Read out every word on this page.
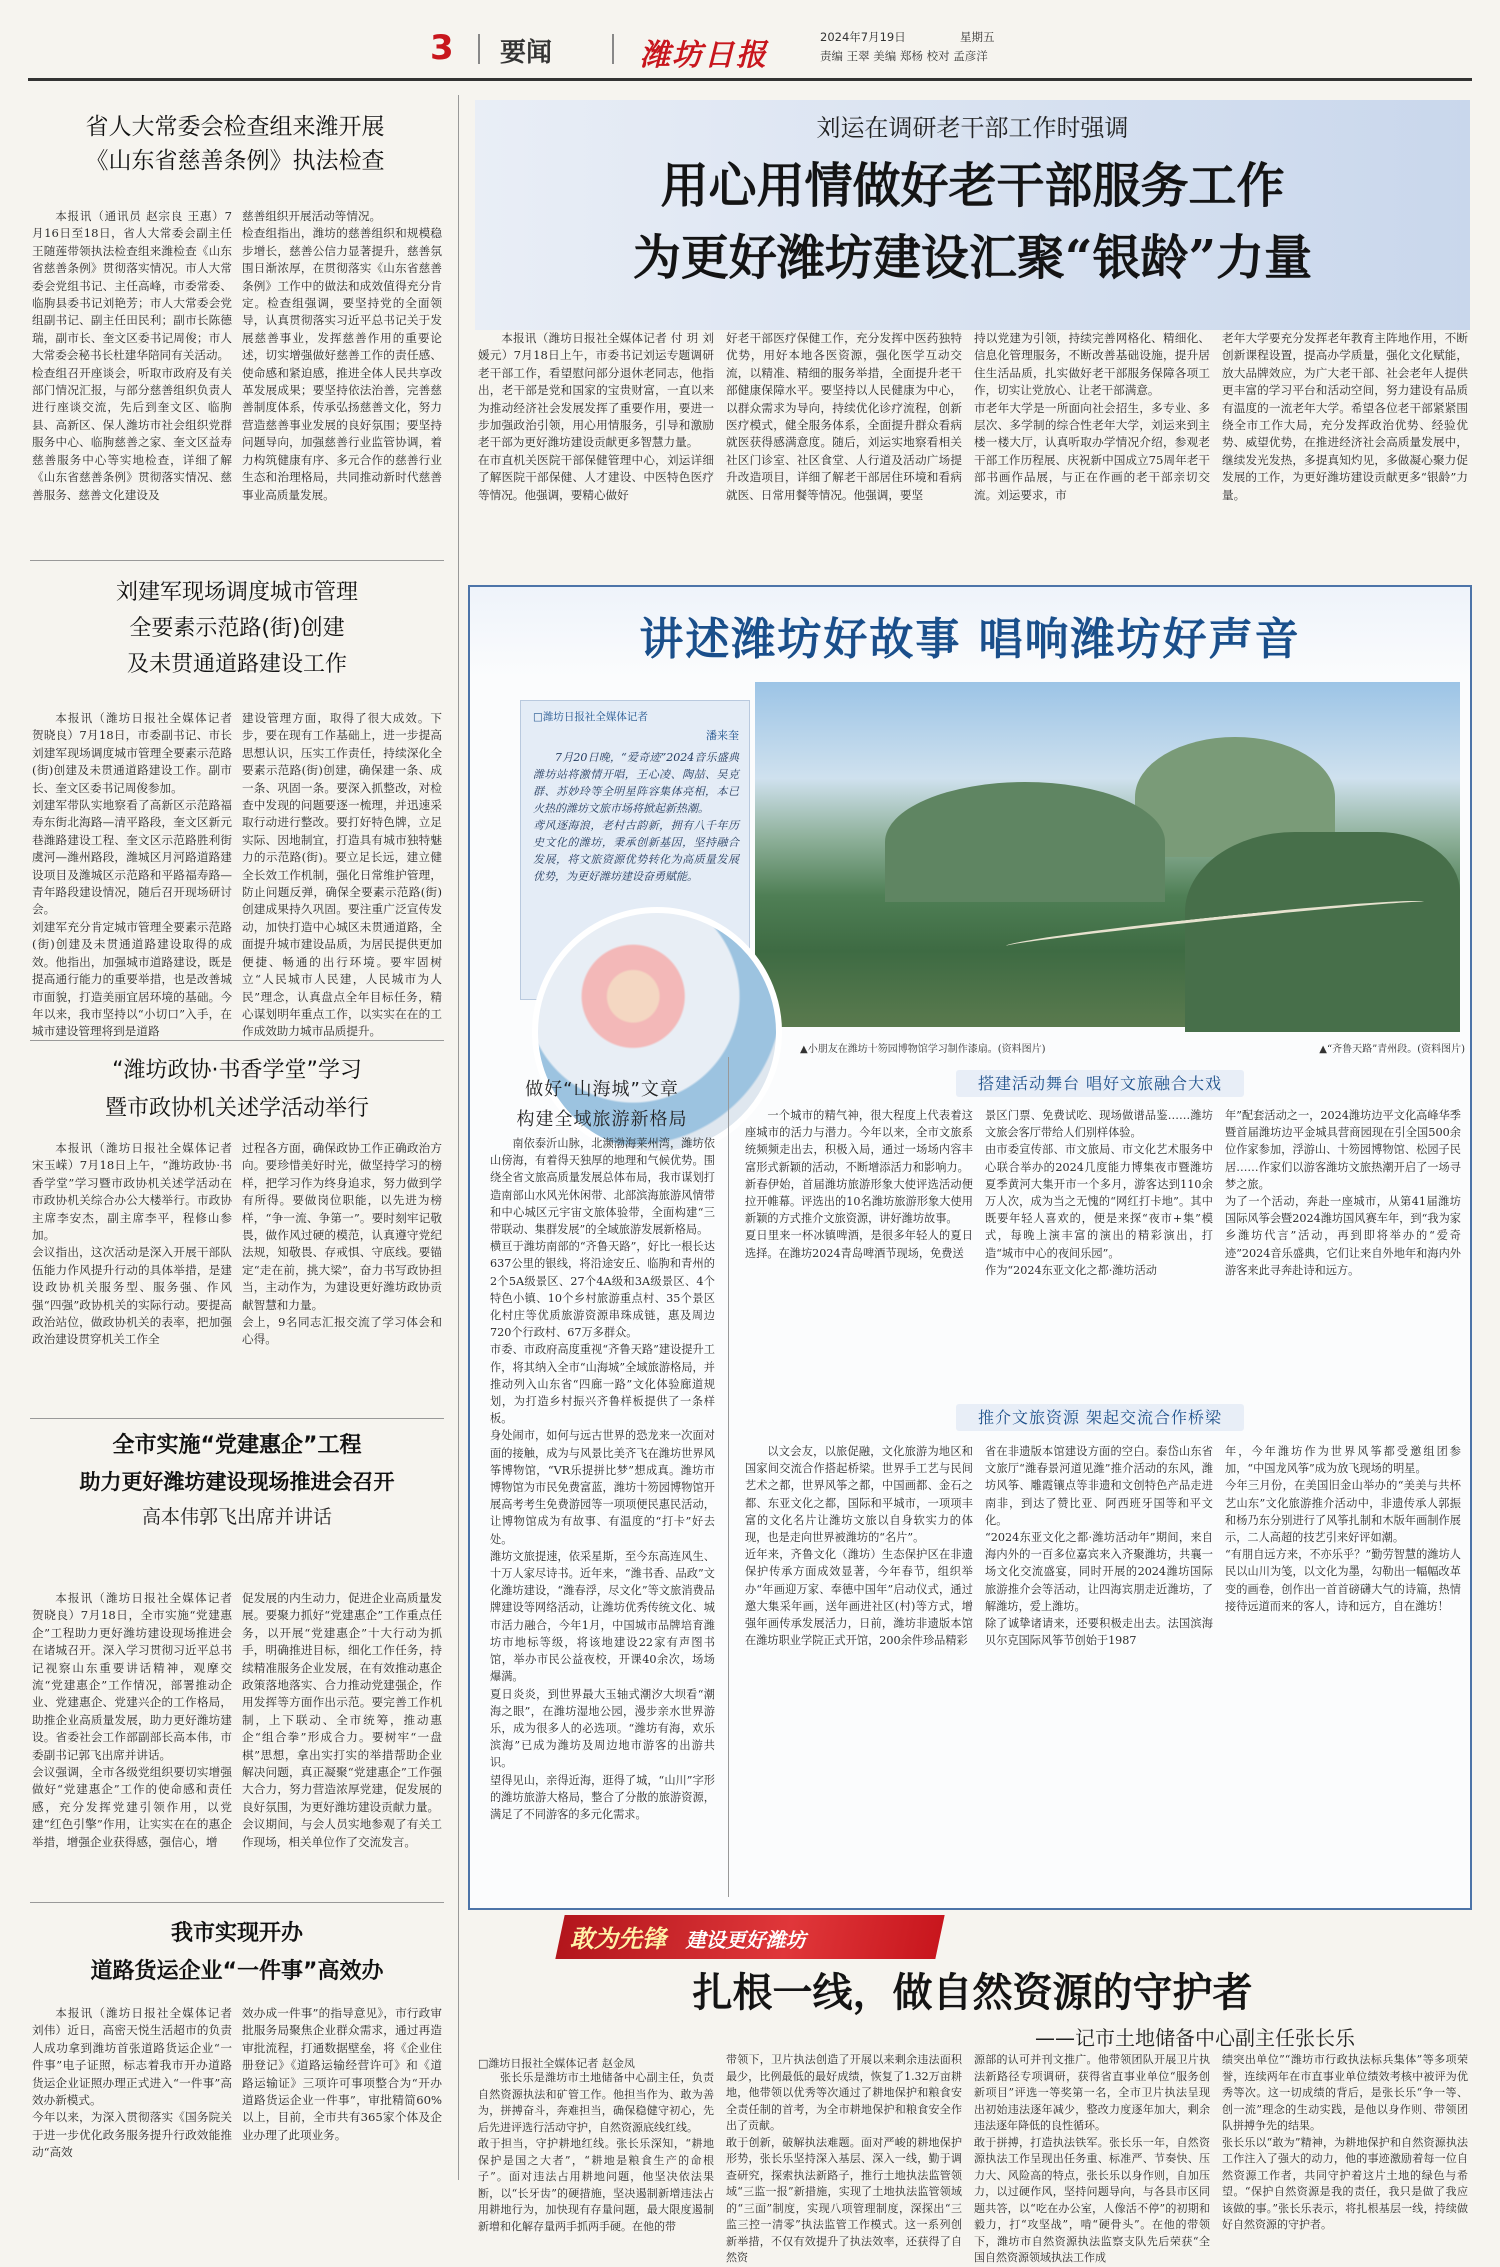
3 要闻	潍坊日报
2024年7月19日	星期五
责编 王翠 美编 郑杨 校对 孟彦洋

省人大常委会检查组来潍开展

《山东省慈善条例》执法检查

本报讯（通讯员 赵宗良 王惠）7月16日至18日，省人大常委会副主任王随莲带领执法检查组来潍检查《山东省慈善条例》贯彻落实情况。市人大常委会党组书记、主任高峰，市委常委、临朐县委书记刘艳芳；市人大常委会党组副书记、副主任田民利；副市长陈德瑞，副市长、奎文区委书记周俊；市人大常委会秘书长杜建华陪同有关活动。
检查组召开座谈会，听取市政府及有关部门情况汇报，与部分慈善组织负责人进行座谈交流，先后到奎文区、临朐县、高新区、保人潍坊市社会组织党群服务中心、临朐慈善之家、奎文区益寿慈善服务中心等实地检查，详细了解《山东省慈善条例》贯彻落实情况、慈善服务、慈善文化建设及

慈善组织开展活动等情况。
检查组指出，潍坊的慈善组织和规模稳步增长，慈善公信力显著提升，慈善氛围日渐浓厚，在贯彻落实《山东省慈善条例》工作中的做法和成效值得充分肯定。检查组强调，要坚持党的全面领导，认真贯彻落实习近平总书记关于发展慈善事业，发挥慈善作用的重要论述，切实增强做好慈善工作的责任感、使命感和紧迫感，推进全体人民共享改革发展成果；要坚持依法治善，完善慈善制度体系，传承弘扬慈善文化，努力营造慈善事业发展的良好氛围；要坚持问题导向，加强慈善行业监管协调，着力构筑健康有序、多元合作的慈善行业生态和治理格局，共同推动新时代慈善事业高质量发展。

刘建军现场调度城市管理

全要素示范路(街)创建

及未贯通道路建设工作

本报讯（潍坊日报社全媒体记者 贺晓良）7月18日，市委副书记、市长刘建军现场调度城市管理全要素示范路(街)创建及未贯通道路建设工作。副市长、奎文区委书记周俊参加。
刘建军带队实地察看了高新区示范路福寿东街北海路—清平路段，奎文区新元巷潍路建设工程、奎文区示范路胜利街虞河—潍州路段，潍城区月河路道路建设项目及潍城区示范路和平路福寿路—青年路段建设情况，随后召开现场研讨会。
刘建军充分肯定城市管理全要素示范路(街)创建及未贯通道路建设取得的成效。他指出，加强城市道路建设，既是提高通行能力的重要举措，也是改善城市面貌，打造美丽宜居环境的基础。今年以来，我市坚持以“小切口”入手，在城市建设管理将到是道路

建设管理方面，取得了很大成效。下步，要在现有工作基础上，进一步提高思想认识，压实工作责任，持续深化全要素示范路(街)创建，确保建一条、成一条、巩固一条。要深入抓整改，对检查中发现的问题要逐一梳理，并迅速采取行动进行整改。要打好特色牌，立足实际、因地制宜，打造具有城市独特魅力的示范路(街)。要立足长远，建立健全长效工作机制，强化日常维护管理，防止问题反弹，确保全要素示范路(街)创建成果持久巩固。要注重广泛宣传发动，加快打造中心城区未贯通道路，全面提升城市建设品质，为居民提供更加便捷、畅通的出行环境。要牢固树立“人民城市人民建，人民城市为人民”理念，认真盘点全年目标任务，精心谋划明年重点工作，以实实在在的工作成效助力城市品质提升。

“潍坊政协·书香学堂”学习

暨市政协机关述学活动举行

本报讯（潍坊日报社全媒体记者 宋玉嵘）7月18日上午，“潍坊政协·书香学堂”学习暨市政协机关述学活动在市政协机关综合办公大楼举行。市政协主席李安杰，副主席李平，程修山参加。
会议指出，这次活动是深入开展干部队伍能力作风提升行动的具体举措，是建设政协机关服务型、服务强、作风强“四强”政协机关的实际行动。要提高政治站位，做政协机关的表率，把加强政治建设贯穿机关工作全

过程各方面，确保政协工作正确政治方向。要珍惜美好时光，做坚持学习的榜样，把学习作为终身追求，努力做到学有所得。要做岗位职能，以先进为榜样，“争一流、争第一”。要时刻牢记敬畏，做作风过硬的模范，认真遵守党纪法规，知敬畏、存戒惧、守底线。要锚定“走在前，挑大梁”，奋力书写政协担当，主动作为，为建设更好潍坊政协贡献智慧和力量。
会上，9名同志汇报交流了学习体会和心得。

全市实施“党建惠企”工程

助力更好潍坊建设现场推进会召开

高本伟郭飞出席并讲话

本报讯（潍坊日报社全媒体记者 贺晓良）7月18日，全市实施“党建惠企”工程助力更好潍坊建设现场推进会在诸城召开。深入学习贯彻习近平总书记视察山东重要讲话精神，观摩交流“党建惠企”工作情况，部署推动企业、党建惠企、党建兴企的工作格局，助推企业高质量发展，助力更好潍坊建设。省委社会工作部副部长高本伟，市委副书记郭飞出席并讲话。
会议强调，全市各级党组织要切实增强做好“党建惠企”工作的使命感和责任感，充分发挥党建引领作用，以党建“红色引擎”作用，让实实在在的惠企举措，增强企业获得感，强信心，增

促发展的内生动力，促进企业高质量发展。要聚力抓好“党建惠企”工作重点任务，以开展“党建惠企”十大行动为抓手，明确推进目标，细化工作任务，持续精准服务企业发展，在有效推动惠企政策落地落实、合力推动党建强企，作用发挥等方面作出示范。要完善工作机制，上下联动、全市统筹，推动惠企“组合拳”形成合力。要树牢“一盘棋”思想，拿出实打实的举措帮助企业解决问题，真正凝聚“党建惠企”工作强大合力，努力营造浓厚党建，促发展的良好氛围，为更好潍坊建设贡献力量。
会议期间，与会人员实地参观了有关工作现场，相关单位作了交流发言。

我市实现开办

道路货运企业“一件事”高效办

本报讯（潍坊日报社全媒体记者 刘伟）近日，高密天悦生活超市的负责人成功拿到潍坊首张道路货运企业“一件事”电子证照，标志着我市开办道路货运企业证照办理正式进入“一件事”高效办新模式。
今年以来，为深入贯彻落实《国务院关于进一步优化政务服务提升行政效能推动“高效

效办成一件事”的指导意见》，市行政审批服务局聚焦企业群众需求，通过再造审批流程，打通数据壁垒，将《企业住册登记》《道路运输经营许可》和《道路运输证》三项许可事项整合为“开办道路货运企业一件事”，审批精简60%以上，目前，全市共有365家个体及企业办理了此项业务。

刘运在调研老干部工作时强调
用心用情做好老干部服务工作
为更好潍坊建设汇聚“银龄”力量

本报讯（潍坊日报社全媒体记者 付 玥 刘媛元）7月18日上午，市委书记刘运专题调研老干部工作，看望慰问部分退休老同志，他指出，老干部是党和国家的宝贵财富，一直以来为推动经济社会发展发挥了重要作用，要进一步加强政治引领，用心用情服务，引导和激励老干部为更好潍坊建设贡献更多智慧力量。
在市直机关医院干部保健管理中心，刘运详细了解医院干部保健、人才建设、中医特色医疗等情况。他强调，要精心做好

好老干部医疗保健工作，充分发挥中医药独特优势，用好本地各医资源，强化医学互动交流，以精准、精细的服务举措，全面提升老干部健康保障水平。要坚持以人民健康为中心，以群众需求为导向，持续优化诊疗流程，创新医疗模式，健全服务体系，全面提升群众看病就医获得感满意度。随后，刘运实地察看相关社区门诊室、社区食堂、人行道及活动广场提升改造项目，详细了解老干部居住环境和看病就医、日常用餐等情况。他强调，要坚

持以党建为引领，持续完善网格化、精细化、信息化管理服务，不断改善基础设施，提升居住生活品质，扎实做好老干部服务保障各项工作，切实让党放心、让老干部满意。
市老年大学是一所面向社会招生，多专业、多层次、多学制的综合性老年大学，刘运来到主楼一楼大厅，认真听取办学情况介绍，参观老干部工作历程展、庆祝新中国成立75周年老干部书画作品展，与正在作画的老干部亲切交流。刘运要求，市

老年大学要充分发挥老年教育主阵地作用，不断创新课程设置，提高办学质量，强化文化赋能，放大品牌效应，为广大老干部、社会老年人提供更丰富的学习平台和活动空间，努力建设有品质有温度的一流老年大学。希望各位老干部紧紧围绕全市工作大局，充分发挥政治优势、经验优势、威望优势，在推进经济社会高质量发展中，继续发光发热，多提真知灼见，多做凝心聚力促发展的工作，为更好潍坊建设贡献更多“银龄”力量。

讲述潍坊好故事 唱响潍坊好声音
□潍坊日报社全媒体记者
潘来奎

7月20日晚，“爱奇迹”2024音乐盛典潍坊站将激情开唱，王心凌、陶喆、吴克群、苏妙玲等全明星阵容集体亮相，本已火热的潍坊文旅市场将掀起新热潮。
鸢风逐海浪，老村古韵新，拥有八千年历史文化的潍坊，秉承创新基因，坚持融合发展，将文旅资源优势转化为高质量发展优势，为更好潍坊建设奋勇赋能。

▲小朋友在潍坊十笏园博物馆学习制作漆扇。(资料图片)	▲“齐鲁天路”青州段。(资料图片)
做好“山海城”文章
构建全域旅游新格局

南依泰沂山脉，北濒渤海莱州湾，潍坊依山傍海，有着得天独厚的地理和气候优势。围绕全省文旅高质量发展总体布局，我市谋划打造南部山水风光休闲带、北部滨海旅游风情带和中心城区元宇宙文旅体验带，全面构建“三带联动、集群发展”的全域旅游发展新格局。
横亘于潍坊南部的“齐鲁天路”，好比一根长达637公里的银线，将沿途安丘、临朐和青州的2个5A级景区、27个4A级和3A级景区、4个特色小镇、10个乡村旅游重点村、35个景区化村庄等优质旅游资源串珠成链，惠及周边720个行政村、67万多群众。
市委、市政府高度重视“齐鲁天路”建设提升工作，将其纳入全市“山海城”全域旅游格局，并推动列入山东省“四廊一路”文化体验廊道规划，为打造乡村振兴齐鲁样板提供了一条样板。
身处闹市，如何与远古世界的恐龙来一次面对面的接触，成为与风景比美齐飞在潍坊世界风筝博物馆，“VR乐提拼比梦”想成真。潍坊市博物馆为市民免费富蓝，潍坊十笏园博物馆开展高考考生免费游园等一项项便民惠民活动，让博物馆成为有故事、有温度的“打卡”好去处。
潍坊文旅提速，依采星斯，至今东高连风生、十万人家尽诗书。近年来，“潍书香、品政”文化潍坊建设，“潍春浮，尽文化”等文旅消费品牌建设等网络活动，让潍坊优秀传统文化、城市活力融合，今年1月，中国城市品牌培育潍坊市地标等级，将该地建设22家有声图书馆，举办市民公益夜校，开课40余次，场场爆满。
夏日炎炎，到世界最大玉轴式潮汐大坝看“潮海之眼”，在潍坊湿地公园，漫步亲水世界游乐，成为很多人的必选项。“潍坊有海，欢乐滨海”已成为潍坊及周边地市游客的出游共识。
望得见山，亲得近海，逛得了城，“山川”字形的潍坊旅游大格局，整合了分散的旅游资源，满足了不同游客的多元化需求。

搭建活动舞台 唱好文旅融合大戏

一个城市的精气神，很大程度上代表着这座城市的活力与潜力。今年以来，全市文旅系统频频走出去，积极入局，通过一场场内容丰富形式新颖的活动，不断增添活力和影响力。
新春伊始，首届潍坊旅游形象大使评选活动便拉开帷幕。评选出的10名潍坊旅游形象大使用新颖的方式推介文旅资源，讲好潍坊故事。
夏日里来一杯冰镇啤酒，是很多年轻人的夏日选择。在潍坊2024青岛啤酒节现场，免费送

景区门票、免费试吃、现场做谱品鉴……潍坊文旅会客厅带给人们别样体验。
由市委宣传部、市文旅局、市文化艺术服务中心联合举办的2024几度能力博集夜市暨潍坊夏季黄河大集开市一个多月，游客达到110余万人次，成为当之无愧的“网红打卡地”。其中既要年轻人喜欢的，便是来探“夜市+集”模式，每晚上演丰富的演出的精彩演出，打造“城市中心的夜间乐园”。
作为“2024东亚文化之都·潍坊活动

年”配套活动之一，2024潍坊边平文化高峰华季暨首届潍坊边平金城具营商园现在引全国500余位作家参加，浮游山、十笏园博物馆、松园子民居……作家们以游客潍坊文旅热潮开启了一场寻梦之旅。
为了一个活动，奔赴一座城市，从第41届潍坊国际风筝会暨2024潍坊国风赛车年，到“我为家乡潍坊代言”活动，再到即将举办的“爱奇迹”2024音乐盛典，它们让来自外地年和海内外游客来此寻奔赴诗和远方。

推介文旅资源 架起交流合作桥梁

以文会友，以旅促融，文化旅游为地区和国家间交流合作搭起桥梁。世界手工艺与民间艺术之都，世界风筝之都，中国画都、金石之都、东亚文化之都，国际和平城市，一项项丰富的文化名片让潍坊文旅以自身软实力的体现，也是走向世界被潍坊的“名片”。
近年来，齐鲁文化（潍坊）生态保护区在非遗保护传承方面成效显著，今年春节，组织举办“年画迎万家、奉德中国年”启动仪式，通过邀大集采年画，送年画进社区(村)等方式，增强年画传承发展活力，日前，潍坊非遗版本馆在潍坊职业学院正式开馆，200余件珍品精彩

省在非遗版本馆建设方面的空白。泰岱山东省文旅厅“潍春景河道见潍”推介活动的东风，潍坊风筝、雕霞镶点等非遗和文创特色产品走进南非，到达了赞比亚、阿西班牙国等和平文化。
“2024东亚文化之都·潍坊活动年”期间，来自海内外的一百多位嘉宾来入齐聚潍坊，共襄一场文化交流盛宴，同时开展的2024潍坊国际旅游推介会等活动，让四海宾朋走近潍坊，了解潍坊，爱上潍坊。
除了诚挚诸请来，还要积极走出去。法国滨海贝尔克国际风筝节创始于1987

年，今年潍坊作为世界风筝都受邀组团参加，“中国龙风筝”成为放飞现场的明星。
今年三月份，在美国旧金山举办的“美美与共杯艺山东”文化旅游推介活动中，非遗传承人郭振和杨乃东分别进行了风筝扎制和木版年画制作展示，二人高超的技艺引来好评如潮。
“有朋自远方来，不亦乐乎？”勤劳智慧的潍坊人民以山川为笺，以文化为墨，勾勒出一幅幅改革变的画卷，创作出一首首磅礴大气的诗篇，热情接待远道而来的客人，诗和远方，自在潍坊！

敢为先锋 建设更好潍坊
扎根一线，做自然资源的守护者
——记市土地储备中心副主任张长乐
□潍坊日报社全媒体记者 赵金凤

张长乐是潍坊市土地储备中心副主任，负责自然资源执法和矿管工作。他担当作为、敢为善为，拼搏奋斗，奔难担当，确保稳健守初心，先后先进评选行活动守护，自然资源底线红线。
敢于担当，守护耕地红线。张长乐深知，“耕地保护是国之大者”，“耕地是粮食生产的命根子”。面对违法占用耕地问题，他坚决依法果断，以“长牙齿”的硬措施，坚决遏制新增违法占用耕地行为，加快现有存量问题，最大限度遏制新增和化解存量两手抓两手硬。在他的带

带领下，卫片执法创造了开展以来剩余违法面积最少，比例最低的最好成绩，恢复了1.32万亩耕地，他带领以优秀等次通过了耕地保护和粮食安全责任制的首考，为全市耕地保护和粮食安全作出了贡献。
敢于创新，破解执法难题。面对严峻的耕地保护形势，张长乐坚持深入基层、深入一线，勤于调查研究，探索执法新路子，推行土地执法监管领域“三监一报”新措施，实现了土地执法监管领域的“三面”制度，实现八项管理制度，深探出“三监三控一清零”执法监管工作模式。这一系列创新举措，不仅有效提升了执法效率，还获得了自然资

源部的认可并刊文推广。他带领团队开展卫片执法新路径专项调研，获得省直事业单位“服务创新项目”评选一等奖第一名，全市卫片执法呈现出初始违法逐年减少，整改力度逐年加大，剩余违法逐年降低的良性循环。
敢于拼搏，打造执法铁军。张长乐一年，自然资源执法工作呈现出任务重、标准严、节奏快、压力大、风险高的特点，张长乐以身作则，自加压力，以过硬作风，坚持问题导向，与各县市区同题共答，以“吃在办公室，人像活不停”的初期和毅力，打“攻坚战”，啃“硬骨头”。在他的带领下，潍坊市自然资源执法监察支队先后荣获“全国自然资源领域执法工作成

绩突出单位”“潍坊市行政执法标兵集体”等多项荣誉，连续两年在市直事业单位绩效考核中被评为优秀等次。这一切成绩的背后，是张长乐“争一等、创一流”理念的生动实践，是他以身作则、带领团队拼搏争先的结果。
张长乐以“敢为”精神，为耕地保护和自然资源执法工作注入了强大的动力，他的事迹激励着每一位自然资源工作者，共同守护着这片土地的绿色与希望。“保护自然资源是我的责任，我只是做了我应该做的事。”张长乐表示，将扎根基层一线，持续做好自然资源的守护者。
